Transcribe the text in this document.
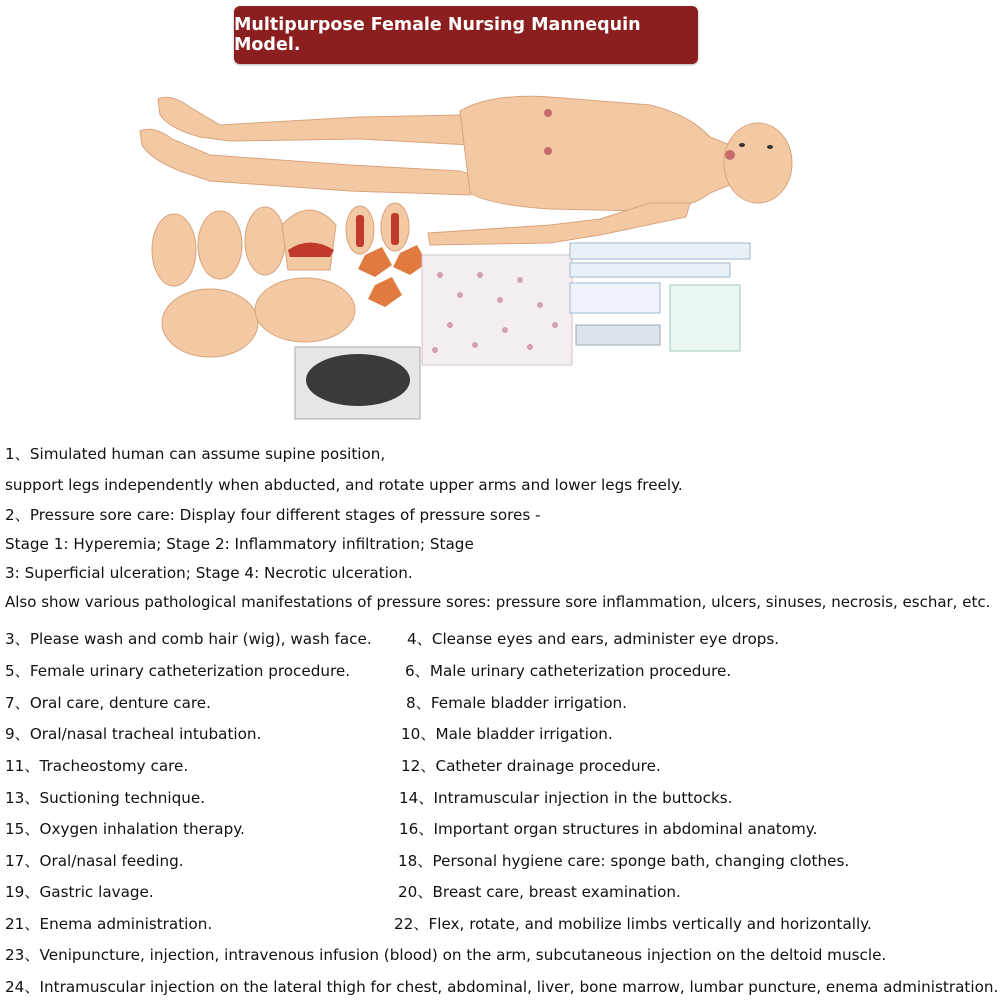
Multipurpose Female Nursing Mannequin Model.
1、Simulated human can assume supine position,
support legs independently when abducted, and rotate upper arms and lower legs freely.
2、Pressure sore care: Display four different stages of pressure sores -
Stage 1: Hyperemia; Stage 2: Inflammatory infiltration; Stage
3: Superficial ulceration; Stage 4: Necrotic ulceration.
Also show various pathological manifestations of pressure sores: pressure sore inflammation, ulcers, sinuses, necrosis, eschar, etc.
3、Please wash and comb hair (wig), wash face. 4、Cleanse eyes and ears, administer eye drops.
5、Female urinary catheterization procedure.	6、Male urinary catheterization procedure.
7、Oral care, denture care.	8、Female bladder irrigation.
9、Oral/nasal tracheal intubation.	10、Male bladder irrigation.
11、Tracheostomy care.	12、Catheter drainage procedure.
13、Suctioning technique.	14、Intramuscular injection in the buttocks.
15、Oxygen inhalation therapy.	16、Important organ structures in abdominal anatomy.
17、Oral/nasal feeding.	18、Personal hygiene care: sponge bath, changing clothes.
19、Gastric lavage.	20、Breast care, breast examination.
21、Enema administration.	22、Flex, rotate, and mobilize limbs vertically and horizontally.
23、Venipuncture, injection, intravenous infusion (blood) on the arm, subcutaneous injection on the deltoid muscle.
24、Intramuscular injection on the lateral thigh for chest, abdominal, liver, bone marrow, lumbar puncture, enema administration.
